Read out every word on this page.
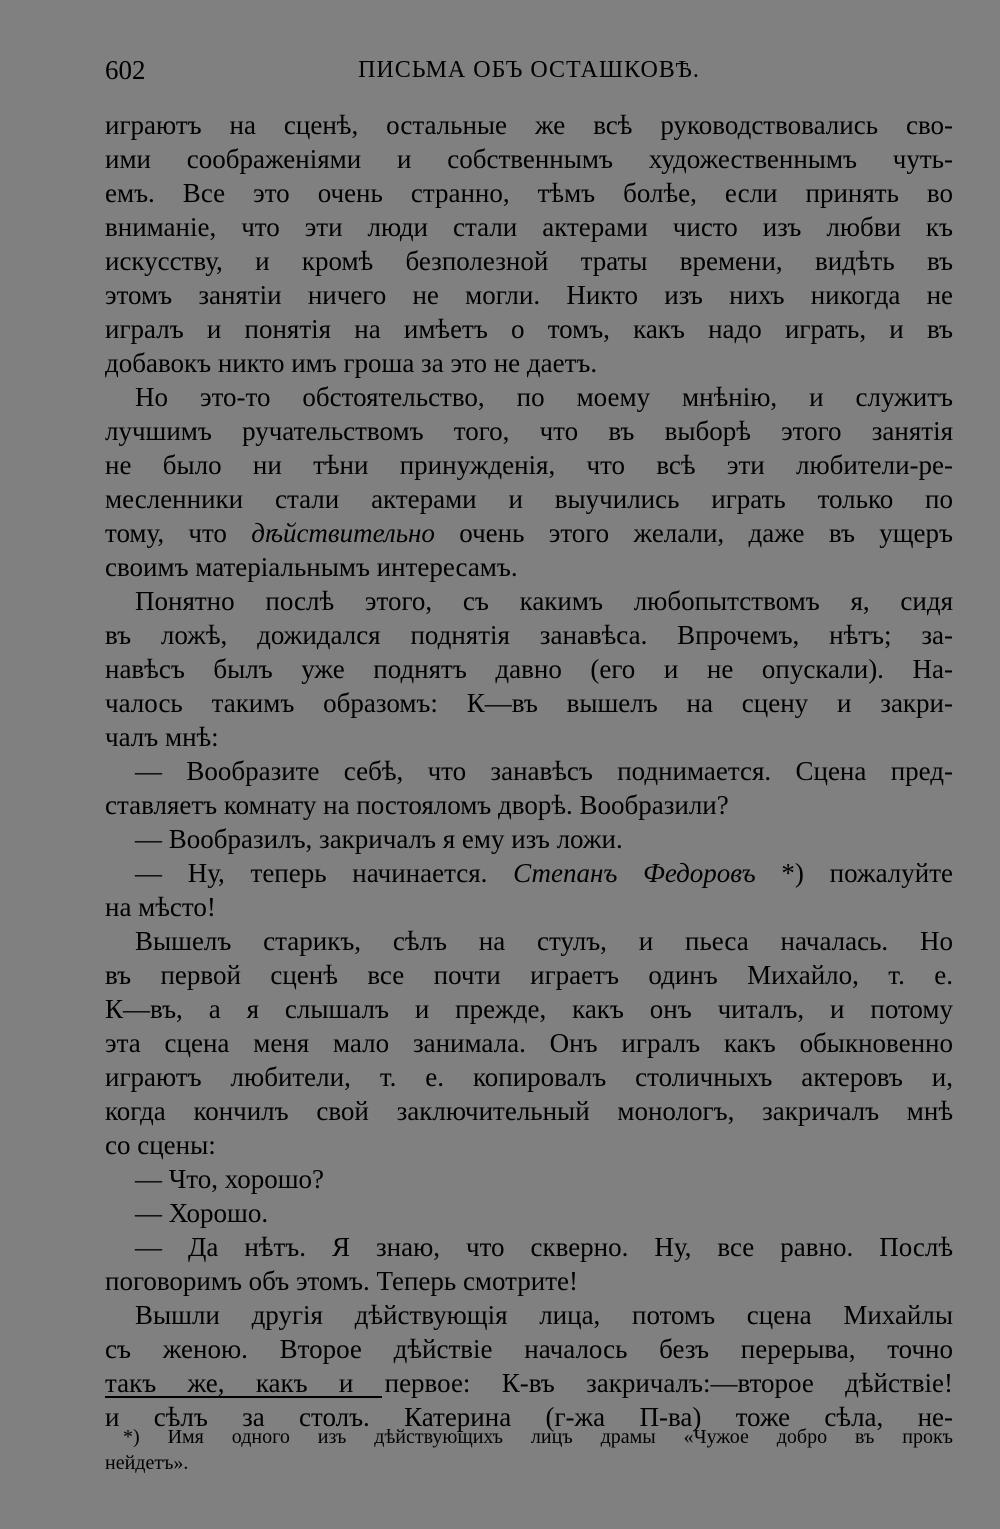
602	ПИСЬМА ОБЪ ОСТАШКОВѢ.

играютъ на сценѣ, остальные же всѣ руководствовались сво-

ими соображеніями и собственнымъ художественнымъ чуть-

емъ. Все это очень странно, тѣмъ болѣе, если принять во

вниманіе, что эти люди стали актерами чисто изъ любви къ

искусству, и кромѣ безполезной траты времени, видѣть въ

этомъ занятіи ничего не могли. Никто изъ нихъ никогда не

игралъ и понятія на имѣетъ о томъ, какъ надо играть, и въ

добавокъ никто имъ гроша за это не даетъ.

Но это-то обстоятельство, по моему мнѣнію, и служитъ

лучшимъ ручательствомъ того, что въ выборѣ этого занятія

не было ни тѣни принужденія, что всѣ эти любители-ре-

месленники стали актерами и выучились играть только по

тому, что дѣйствительно очень этого желали, даже въ ущеръ

своимъ матеріальнымъ интересамъ.

Понятно послѣ этого, съ какимъ любопытствомъ я, сидя

въ ложѣ, дожидался поднятія занавѣса. Впрочемъ, нѣтъ; за-

навѣсъ былъ уже поднятъ давно (его и не опускали). На-

чалось такимъ образомъ: К—въ вышелъ на сцену и закри-

чалъ мнѣ:

— Вообразите себѣ, что занавѣсъ поднимается. Сцена пред-

ставляетъ комнату на постояломъ дворѣ. Вообразили?

— Вообразилъ, закричалъ я ему изъ ложи.

— Ну, теперь начинается. Степанъ Федоровъ *) пожалуйте

на мѣсто!

Вышелъ старикъ, сѣлъ на стулъ, и пьеса началась. Но

въ первой сценѣ все почти играетъ одинъ Михайло, т. е.

К—въ, а я слышалъ и прежде, какъ онъ читалъ, и потому

эта сцена меня мало занимала. Онъ игралъ какъ обыкновенно

играютъ любители, т. е. копировалъ столичныхъ актеровъ и,

когда кончилъ свой заключительный монологъ, закричалъ мнѣ

со сцены:

— Что, хорошо?

— Хорошо.

— Да нѣтъ. Я знаю, что скверно. Ну, все равно. Послѣ

поговоримъ объ этомъ. Теперь смотрите!

Вышли другія дѣйствующія лица, потомъ сцена Михайлы

съ женою. Второе дѣйствіе началось безъ перерыва, точно

такъ же, какъ и первое: К-въ закричалъ:—второе дѣйствіе!

и сѣлъ за столъ. Катерина (г-жа П-ва) тоже сѣла, не-

*) Имя одного изъ дѣйствующихъ лицъ драмы «Чужое добро въ прокъ
нейдетъ».
